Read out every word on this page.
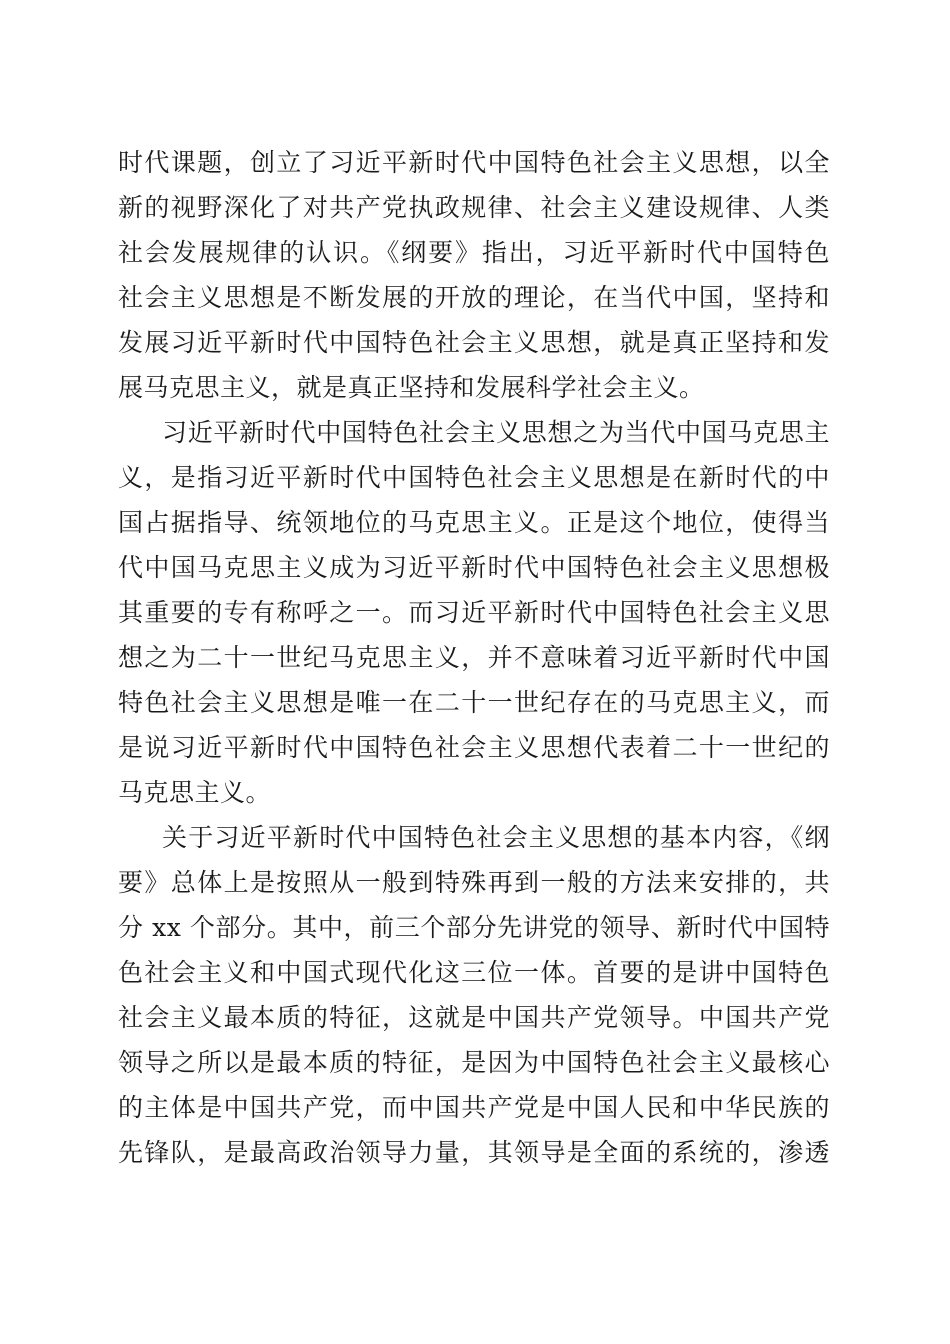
时代课题，创立了习近平新时代中国特色社会主义思想，以全
新的视野深化了对共产党执政规律、社会主义建设规律、人类
社会发展规律的认识。《纲要》指出，习近平新时代中国特色
社会主义思想是不断发展的开放的理论，在当代中国，坚持和
发展习近平新时代中国特色社会主义思想，就是真正坚持和发
展马克思主义，就是真正坚持和发展科学社会主义。
习近平新时代中国特色社会主义思想之为当代中国马克思主
义，是指习近平新时代中国特色社会主义思想是在新时代的中
国占据指导、统领地位的马克思主义。正是这个地位，使得当
代中国马克思主义成为习近平新时代中国特色社会主义思想极
其重要的专有称呼之一。而习近平新时代中国特色社会主义思
想之为二十一世纪马克思主义，并不意味着习近平新时代中国
特色社会主义思想是唯一在二十一世纪存在的马克思主义，而
是说习近平新时代中国特色社会主义思想代表着二十一世纪的
马克思主义。
关于习近平新时代中国特色社会主义思想的基本内容，《纲
要》总体上是按照从一般到特殊再到一般的方法来安排的，共
分 xx 个部分。其中，前三个部分先讲党的领导、新时代中国特
色社会主义和中国式现代化这三位一体。首要的是讲中国特色
社会主义最本质的特征，这就是中国共产党领导。中国共产党
领导之所以是最本质的特征，是因为中国特色社会主义最核心
的主体是中国共产党，而中国共产党是中国人民和中华民族的
先锋队，是最高政治领导力量，其领导是全面的系统的，渗透
